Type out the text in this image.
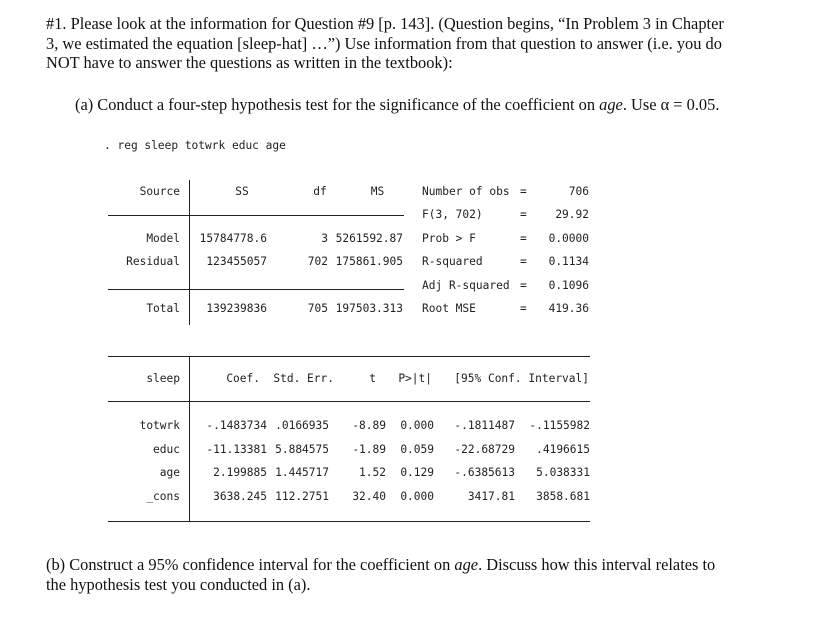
#1. Please look at the information for Question #9 [p. 143]. (Question begins, “In Problem 3 in Chapter
3, we estimated the equation [sleep-hat] …”) Use information from that question to answer (i.e. you do
NOT have to answer the questions as written in the textbook):
(a) Conduct a four-step hypothesis test for the significance of the coefficient on age. Use α = 0.05.
. reg sleep totwrk educ age
Source	SS	df	MS
Model	15784778.6	3 5261592.87
Residual	123455057	702 175861.905
Total	139239836	705 197503.313
Number of obs =	706
F(3, 702)	=	29.92
Prob > F	=	0.0000
R-squared	=	0.1134
Adj R-squared =	0.1096
Root MSE	=	419.36
sleep	Coef.	Std. Err.	t P>|t|	[95% Conf. Interval]
totwrk	-.1483734 .0166935	-8.89	0.000	-.1811487	-.1155982
educ	-11.13381 5.884575	-1.89	0.059	-22.68729	.4196615
age	2.199885 1.445717	1.52	0.129	-.6385613	5.038331
_cons	3638.245 112.2751	32.40	0.000	3417.81	3858.681
(b) Construct a 95% confidence interval for the coefficient on age. Discuss how this interval relates to
the hypothesis test you conducted in (a).
